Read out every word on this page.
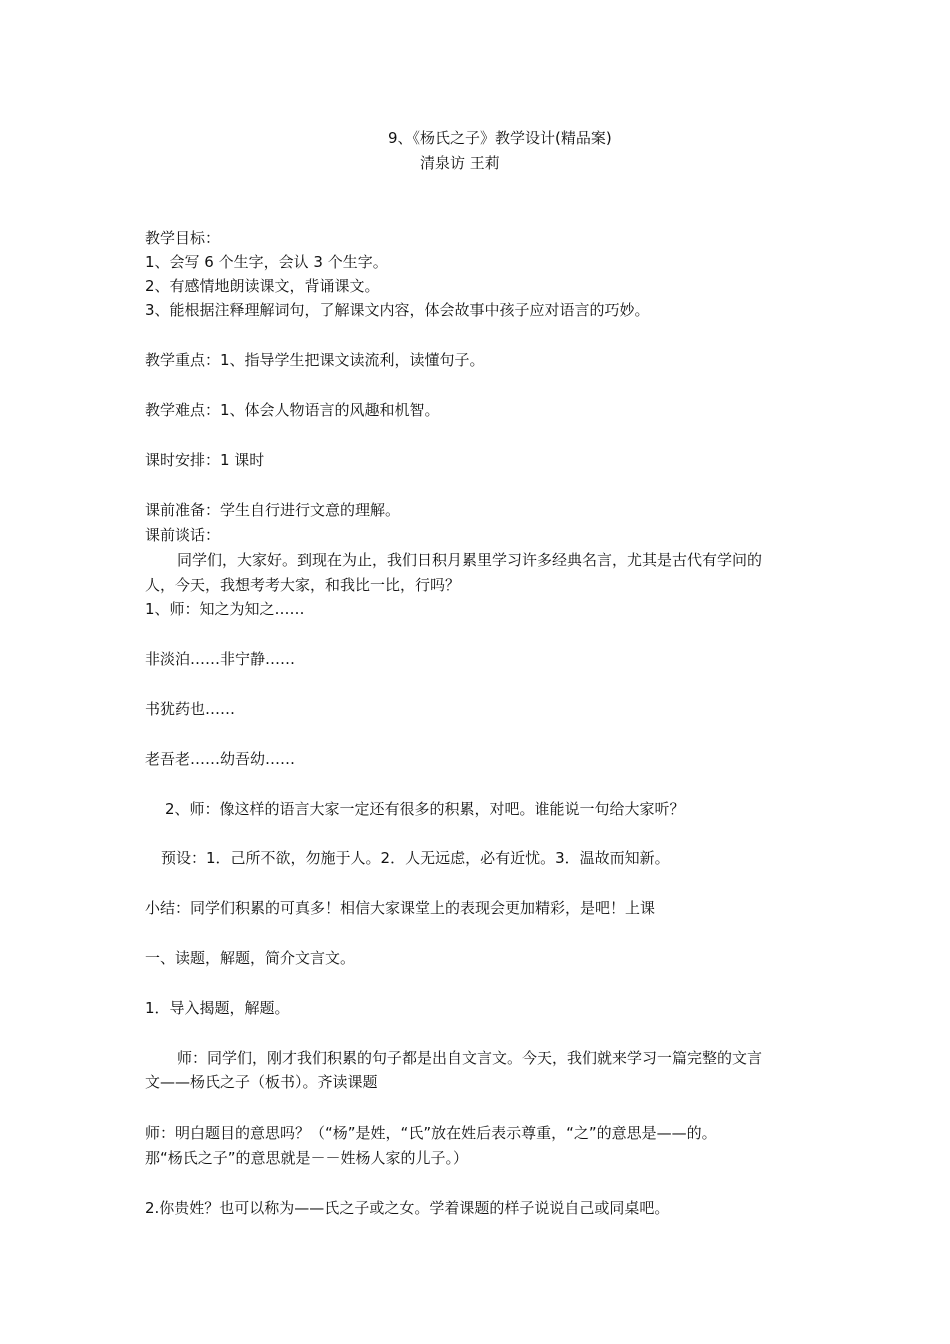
9、《杨氏之子》教学设计(精品案)
清泉访 王莉
教学目标：
1、会写 6 个生字，会认 3 个生字。
2、有感情地朗读课文，背诵课文。
3、能根据注释理解词句，了解课文内容，体会故事中孩子应对语言的巧妙。
教学重点：1、指导学生把课文读流利，读懂句子。
教学难点：1、体会人物语言的风趣和机智。
课时安排：1 课时
课前准备：学生自行进行文意的理解。
课前谈话：
同学们，大家好。到现在为止，我们日积月累里学习许多经典名言，尤其是古代有学问的
人，今天，我想考考大家，和我比一比，行吗？
1、师：知之为知之……
非淡泊……非宁静……
书犹药也……
老吾老……幼吾幼……
2、师：像这样的语言大家一定还有很多的积累，对吧。谁能说一句给大家听？
预设：1．己所不欲，勿施于人。2．人无远虑，必有近忧。3．温故而知新。
小结：同学们积累的可真多！相信大家课堂上的表现会更加精彩，是吧！上课
一、读题，解题，简介文言文。
1．导入揭题，解题。
师：同学们，刚才我们积累的句子都是出自文言文。今天，我们就来学习一篇完整的文言
文——杨氏之子（板书）。齐读课题
师：明白题目的意思吗？（“杨”是姓，“氏”放在姓后表示尊重，“之”的意思是——的。
那“杨氏之子”的意思就是－－姓杨人家的儿子。）
2.你贵姓？也可以称为——氏之子或之女。学着课题的样子说说自己或同桌吧。
